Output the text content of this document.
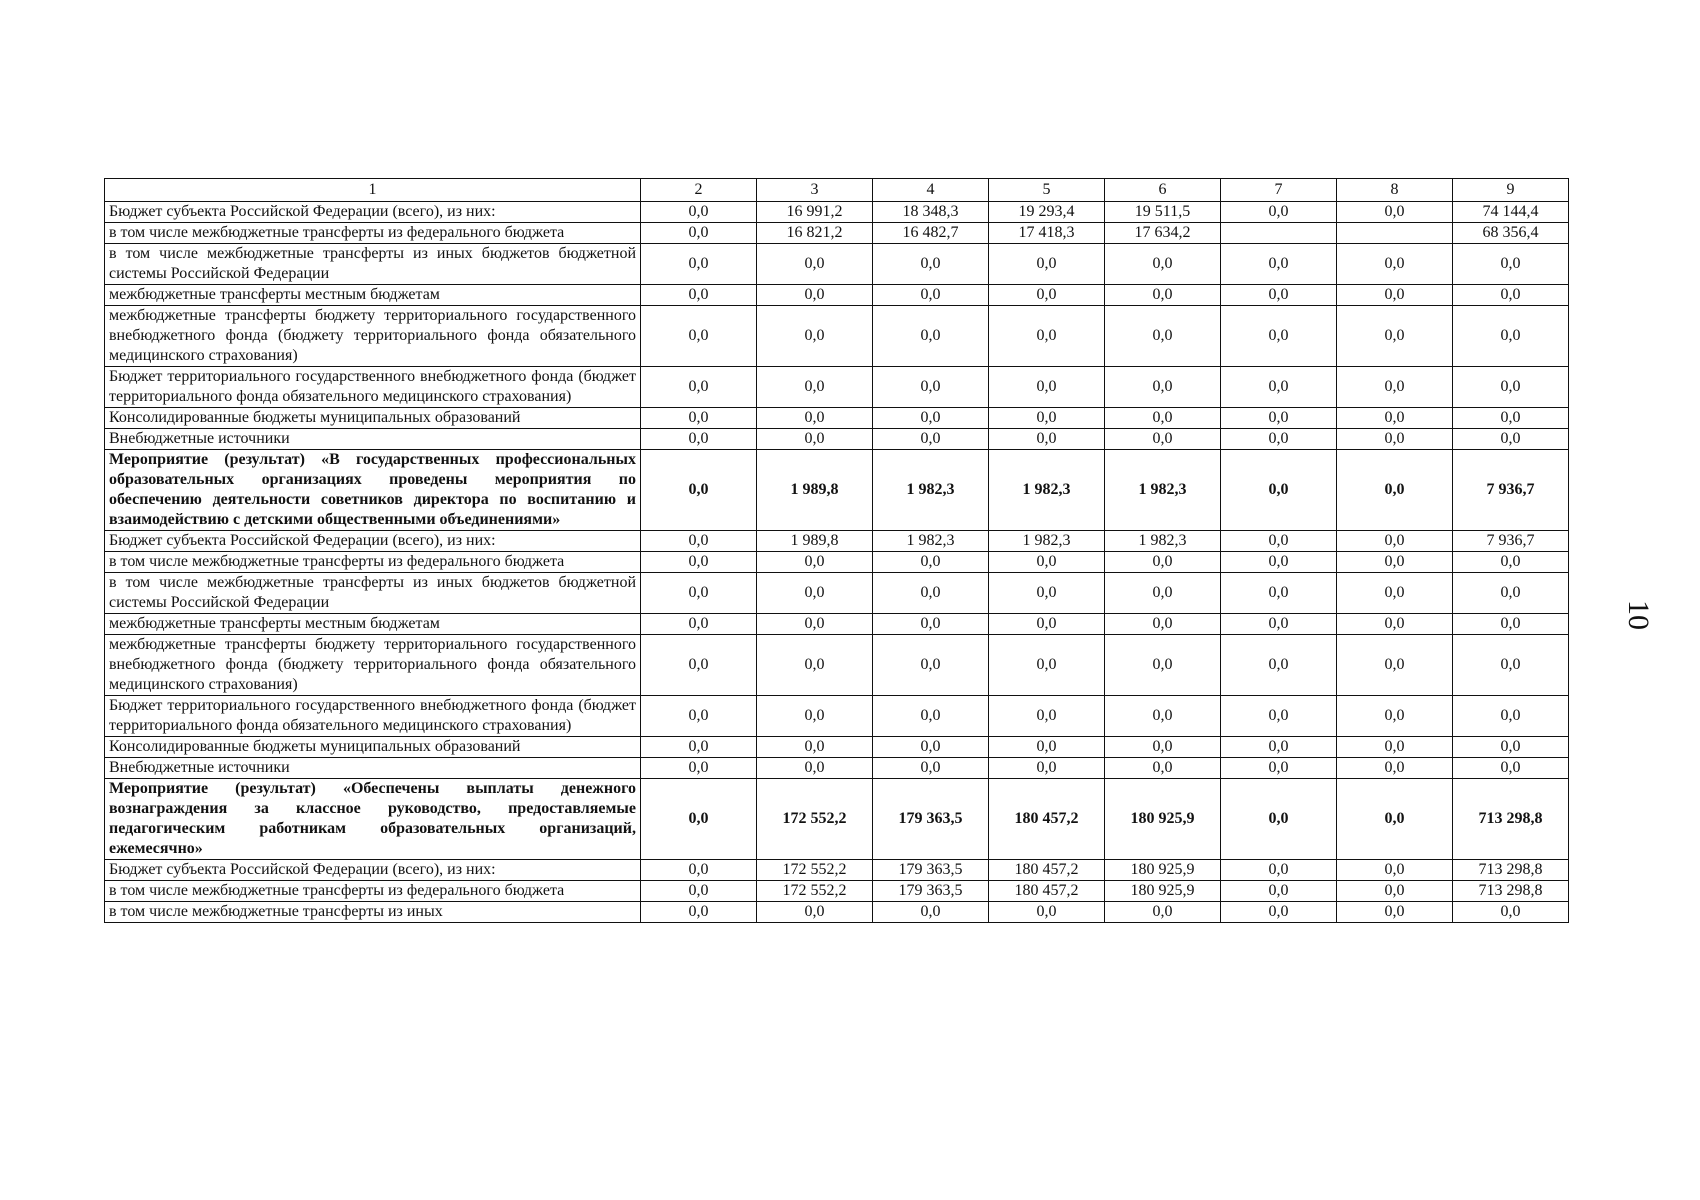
10
1	2	3	4	5	6	7	8	9
Бюджет субъекта Российской Федерации (всего), из них:	0,0	16 991,2	18 348,3	19 293,4	19 511,5	0,0	0,0	74 144,4
в том числе межбюджетные трансферты из федерального бюджета	0,0	16 821,2	16 482,7	17 418,3	17 634,2			68 356,4
в том числе межбюджетные трансферты из иных бюджетов бюджетной системы Российской Федерации	0,0	0,0	0,0	0,0	0,0	0,0	0,0	0,0
межбюджетные трансферты местным бюджетам	0,0	0,0	0,0	0,0	0,0	0,0	0,0	0,0
межбюджетные трансферты бюджету территориального государственного внебюджетного фонда (бюджету территориального фонда обязательного медицинского страхования)	0,0	0,0	0,0	0,0	0,0	0,0	0,0	0,0
Бюджет территориального государственного внебюджетного фонда (бюджет территориального фонда обязательного медицинского страхования)	0,0	0,0	0,0	0,0	0,0	0,0	0,0	0,0
Консолидированные бюджеты муниципальных образований	0,0	0,0	0,0	0,0	0,0	0,0	0,0	0,0
Внебюджетные источники	0,0	0,0	0,0	0,0	0,0	0,0	0,0	0,0
Мероприятие (результат) «В государственных профессиональных образовательных организациях проведены мероприятия по обеспечению деятельности советников директора по воспитанию и взаимодействию с детскими общественными объединениями»	0,0	1 989,8	1 982,3	1 982,3	1 982,3	0,0	0,0	7 936,7
Бюджет субъекта Российской Федерации (всего), из них:	0,0	1 989,8	1 982,3	1 982,3	1 982,3	0,0	0,0	7 936,7
в том числе межбюджетные трансферты из федерального бюджета	0,0	0,0	0,0	0,0	0,0	0,0	0,0	0,0
в том числе межбюджетные трансферты из иных бюджетов бюджетной системы Российской Федерации	0,0	0,0	0,0	0,0	0,0	0,0	0,0	0,0
межбюджетные трансферты местным бюджетам	0,0	0,0	0,0	0,0	0,0	0,0	0,0	0,0
межбюджетные трансферты бюджету территориального государственного внебюджетного фонда (бюджету территориального фонда обязательного медицинского страхования)	0,0	0,0	0,0	0,0	0,0	0,0	0,0	0,0
Бюджет территориального государственного внебюджетного фонда (бюджет территориального фонда обязательного медицинского страхования)	0,0	0,0	0,0	0,0	0,0	0,0	0,0	0,0
Консолидированные бюджеты муниципальных образований	0,0	0,0	0,0	0,0	0,0	0,0	0,0	0,0
Внебюджетные источники	0,0	0,0	0,0	0,0	0,0	0,0	0,0	0,0
Мероприятие (результат) «Обеспечены выплаты денежного вознаграждения за классное руководство, предоставляемые педагогическим работникам образовательных организаций, ежемесячно»	0,0	172 552,2	179 363,5	180 457,2	180 925,9	0,0	0,0	713 298,8
Бюджет субъекта Российской Федерации (всего), из них:	0,0	172 552,2	179 363,5	180 457,2	180 925,9	0,0	0,0	713 298,8
в том числе межбюджетные трансферты из федерального бюджета	0,0	172 552,2	179 363,5	180 457,2	180 925,9	0,0	0,0	713 298,8
в том числе межбюджетные трансферты из иных	0,0	0,0	0,0	0,0	0,0	0,0	0,0	0,0
